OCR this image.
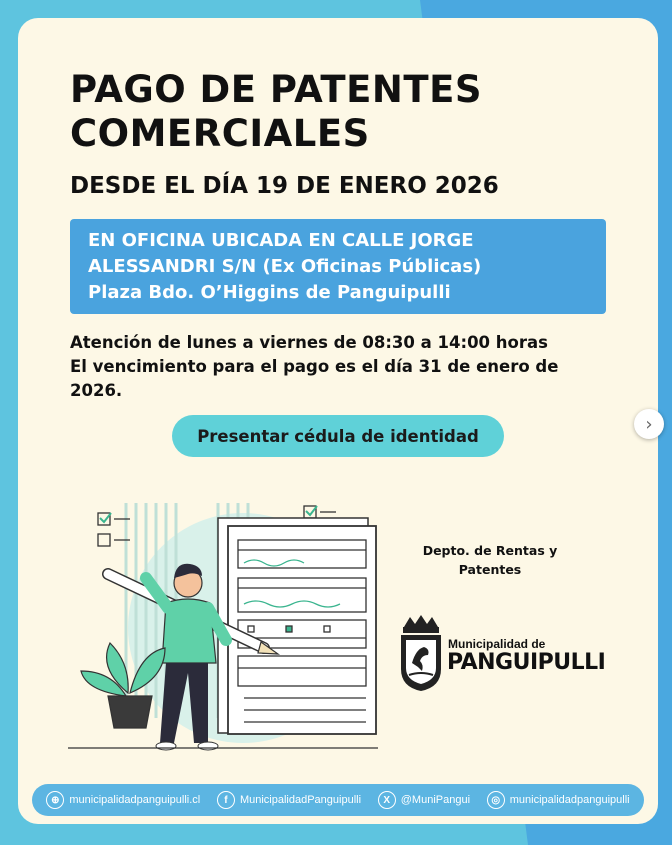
PAGO DE PATENTES
COMERCIALES
DESDE EL DÍA 19 DE ENERO 2026
EN OFICINA UBICADA EN CALLE JORGE
ALESSANDRI S/N (Ex Oficinas Públicas)
Plaza Bdo. O’Higgins de Panguipulli
Atención de lunes a viernes de 08:30 a 14:00 horas
El vencimiento para el pago es el día 31 de enero de
2026.
Presentar cédula de identidad
Depto. de Rentas y
Patentes
Municipalidad de
PANGUIPULLI
⊕ municipalidadpanguipulli.cl	f	MunicipalidadPanguipulli	X @MuniPangui	◎ municipalidadpanguipulli
›
